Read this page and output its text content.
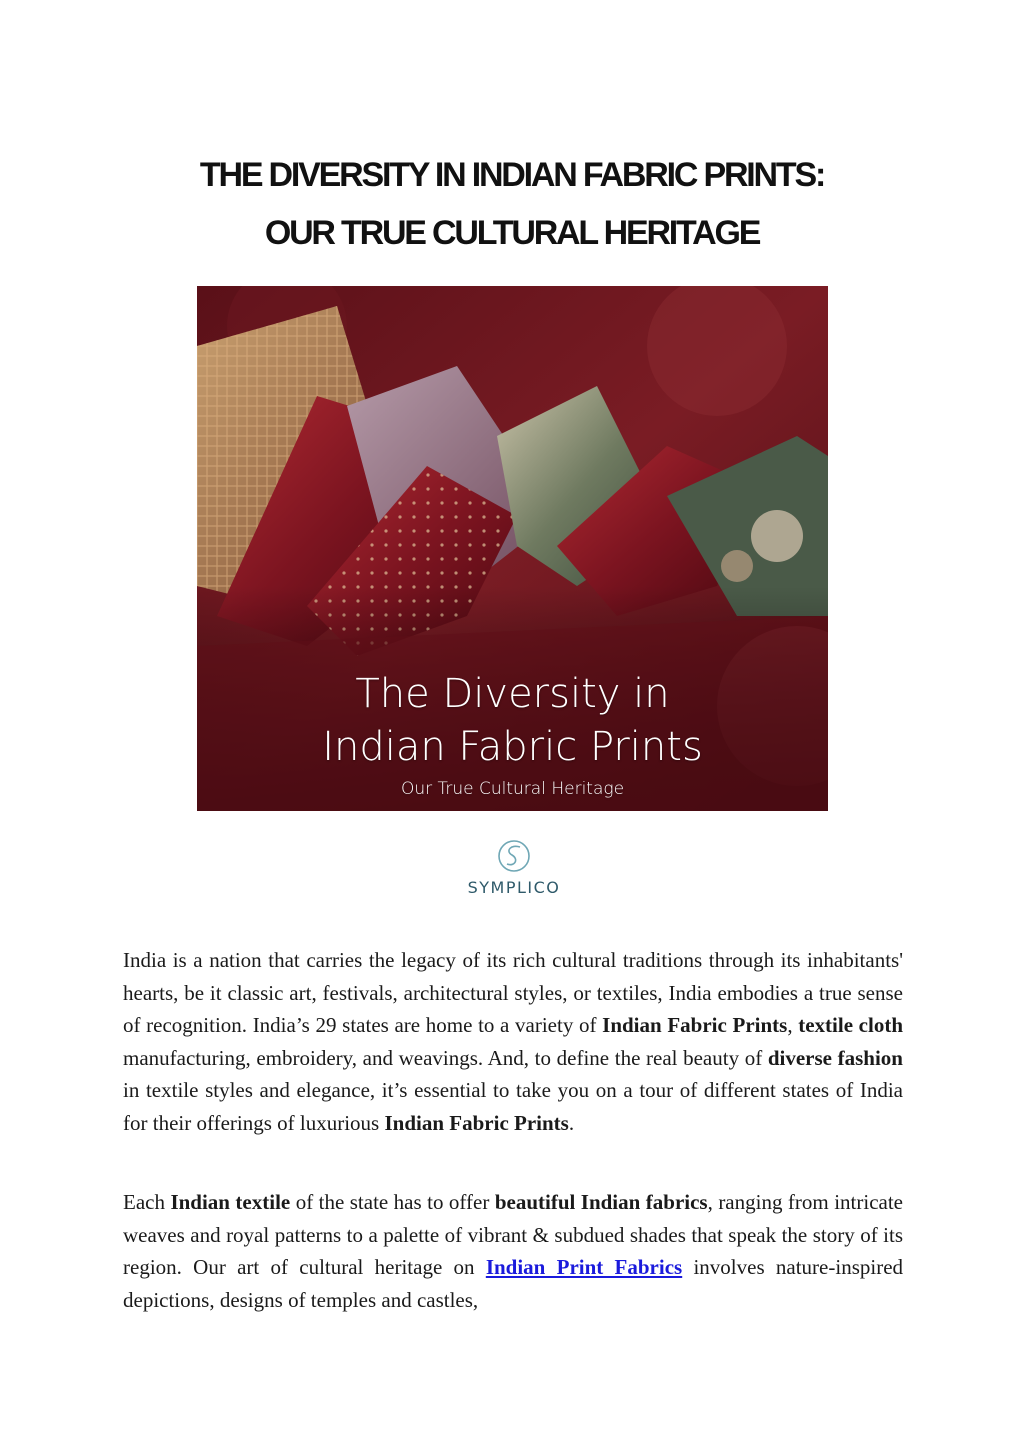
THE DIVERSITY IN INDIAN FABRIC PRINTS:
OUR TRUE CULTURAL HERITAGE
The Diversity in
Indian Fabric Prints
Our True Cultural Heritage
SYMPLICO
India is a nation that carries the legacy of its rich cultural traditions through its inhabitants' hearts, be it classic art, festivals, architectural styles, or textiles, India embodies a true sense of recognition. India’s 29 states are home to a variety of Indian Fabric Prints, textile cloth manufacturing, embroidery, and weavings. And, to define the real beauty of diverse fashion in textile styles and elegance, it’s essential to take you on a tour of different states of India for their offerings of luxurious Indian Fabric Prints.
Each Indian textile of the state has to offer beautiful Indian fabrics, ranging from intricate weaves and royal patterns to a palette of vibrant & subdued shades that speak the story of its region. Our art of cultural heritage on Indian Print Fabrics involves nature-inspired depictions, designs of temples and castles,
